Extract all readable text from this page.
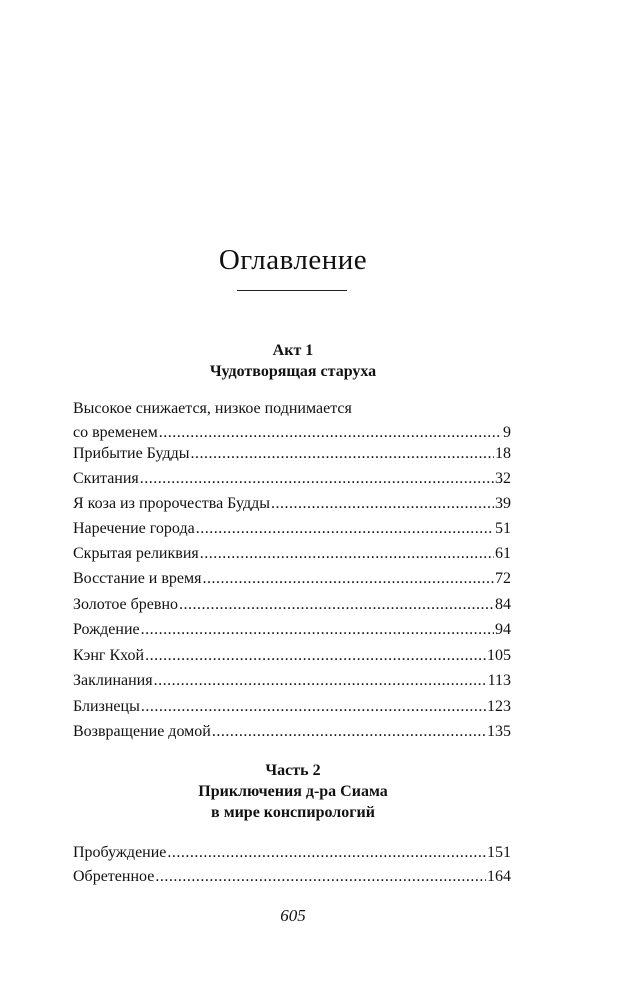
Оглавление
Акт 1
Чудотворящая старуха
Высокое снижается, низкое поднимается
со временем .....	9
Прибытие Будды .....	18
Скитания .....	32
Я коза из пророчества Будды .....	39
Наречение города .....	51
Скрытая реликвия .....	61
Восстание и время .....	72
Золотое бревно .....	84
Рождение .....	94
Кэнг Кхой .....	105
Заклинания .....	113
Близнецы .....	123
Возвращение домой .....	135
Часть 2
Приключения д-ра Сиама
в мире конспирологий
Пробуждение .....	151
Обретенное .....	164
605
